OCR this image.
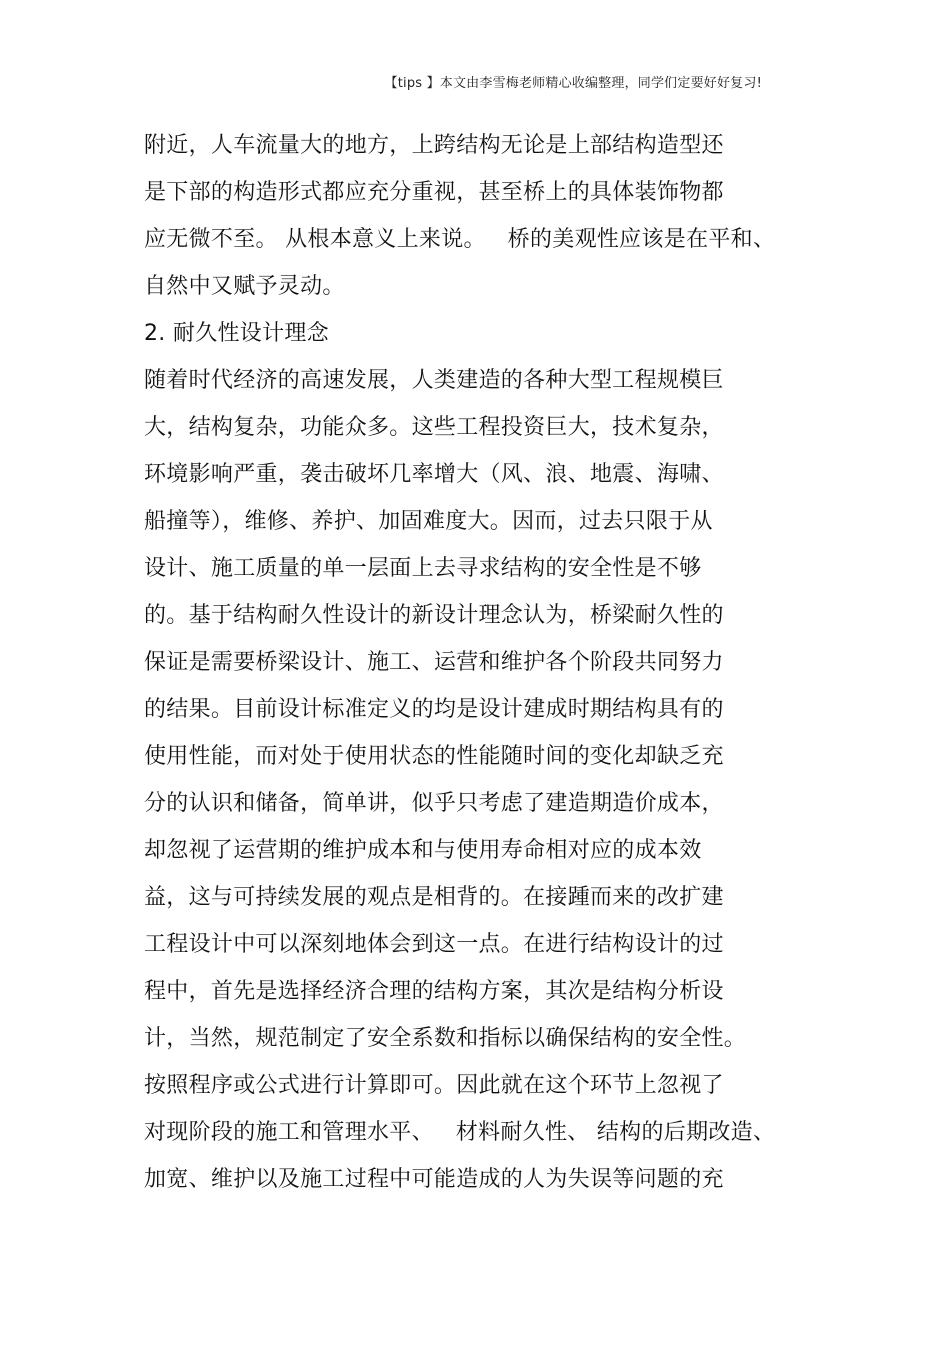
【tips 】本文由李雪梅老师精心收编整理，同学们定要好好复习!
附近，人车流量大的地方，上跨结构无论是上部结构造型还
是下部的构造形式都应充分重视，甚至桥上的具体装饰物都
应无微不至。 从根本意义上来说。   桥的美观性应该是在平和、
自然中又赋予灵动。
2. 耐久性设计理念
随着时代经济的高速发展，人类建造的各种大型工程规模巨
大，结构复杂，功能众多。这些工程投资巨大，技术复杂，
环境影响严重，袭击破坏几率增大（风、浪、地震、海啸、
船撞等），维修、养护、加固难度大。因而，过去只限于从
设计、施工质量的单一层面上去寻求结构的安全性是不够
的。基于结构耐久性设计的新设计理念认为，桥梁耐久性的
保证是需要桥梁设计、施工、运营和维护各个阶段共同努力
的结果。目前设计标准定义的均是设计建成时期结构具有的
使用性能，而对处于使用状态的性能随时间的变化却缺乏充
分的认识和储备，简单讲，似乎只考虑了建造期造价成本，
却忽视了运营期的维护成本和与使用寿命相对应的成本效
益，这与可持续发展的观点是相背的。在接踵而来的改扩建
工程设计中可以深刻地体会到这一点。在进行结构设计的过
程中，首先是选择经济合理的结构方案，其次是结构分析设
计，当然，规范制定了安全系数和指标以确保结构的安全性。
按照程序或公式进行计算即可。因此就在这个环节上忽视了
对现阶段的施工和管理水平、   材料耐久性、 结构的后期改造、
加宽、维护以及施工过程中可能造成的人为失误等问题的充
